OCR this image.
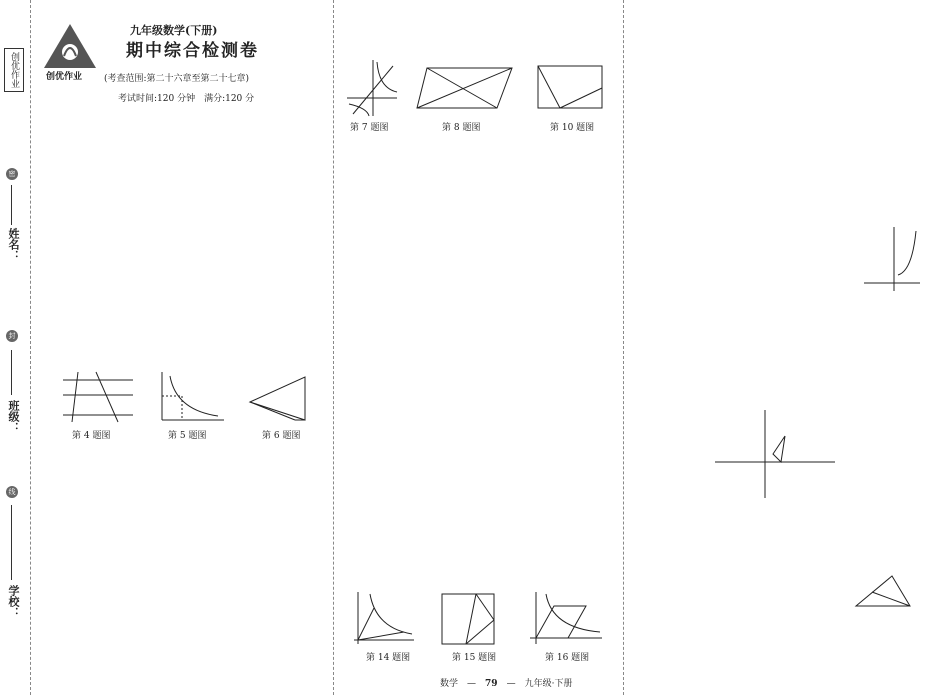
创优作业
密
姓名：
封
班级：
线
学校：
创优作业
九年级数学(下册)
期中综合检测卷
(考查范围:第二十六章至第二十七章)
考试时间:120 分钟　满分:120 分
第 4 题图	第 5 题图	第 6 题图
第 7 题图	第 8 题图	第 10 题图
第 14 题图	第 15 题图	第 16 题图
数学　—　79　—　九年级·下册
